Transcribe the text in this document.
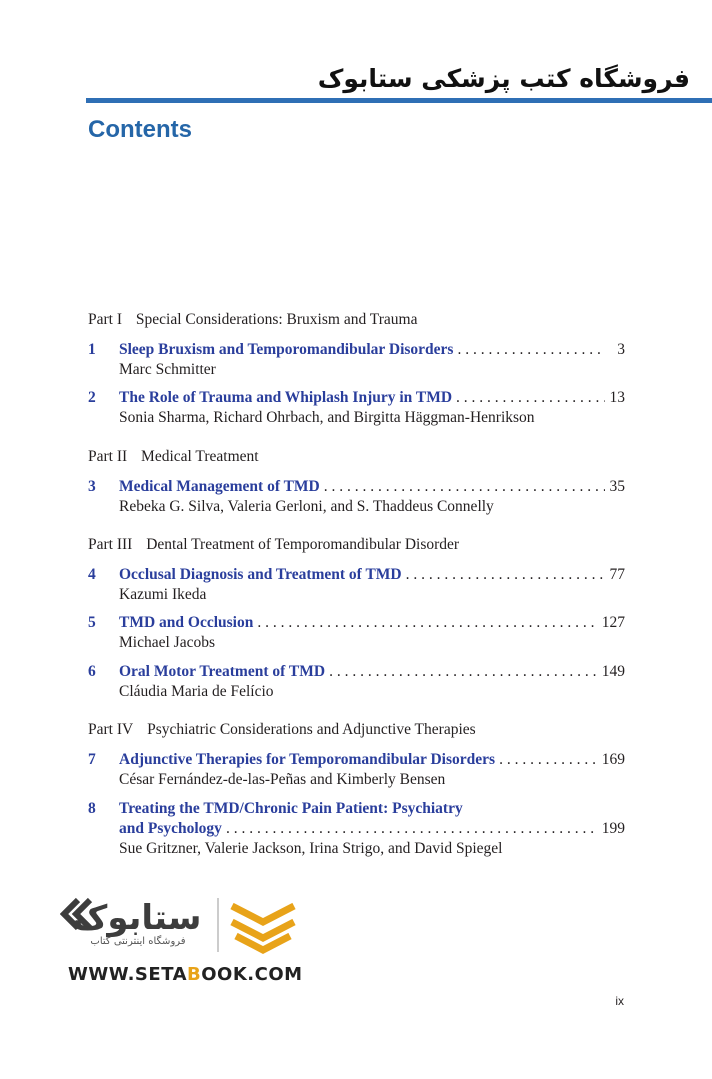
فروشگاه کتب پزشکی ستابوک
Contents
Part I Special Considerations: Bruxism and Trauma
1	Sleep Bruxism and Temporomandibular Disorders . . .	3
Marc Schmitter
2	The Role of Trauma and Whiplash Injury in TMD . . .	13
Sonia Sharma, Richard Ohrbach, and Birgitta Häggman-Henrikson
Part II Medical Treatment
3	Medical Management of TMD . . .	35
Rebeka G. Silva, Valeria Gerloni, and S. Thaddeus Connelly
Part III Dental Treatment of Temporomandibular Disorder
4	Occlusal Diagnosis and Treatment of TMD . . .	77
Kazumi Ikeda
5	TMD and Occlusion . . .	127
Michael Jacobs
6	Oral Motor Treatment of TMD . . .	149
Cláudia Maria de Felício
Part IV Psychiatric Considerations and Adjunctive Therapies
7	Adjunctive Therapies for Temporomandibular Disorders . . .	169
César Fernández-de-las-Peñas and Kimberly Bensen
8	Treating the TMD/Chronic Pain Patient: Psychiatry
and Psychology . . .	199
Sue Gritzner, Valerie Jackson, Irina Strigo, and David Spiegel
ستابوک
فروشگاه اینترنتی کتاب
WWW.SETABOOK.COM
ix
